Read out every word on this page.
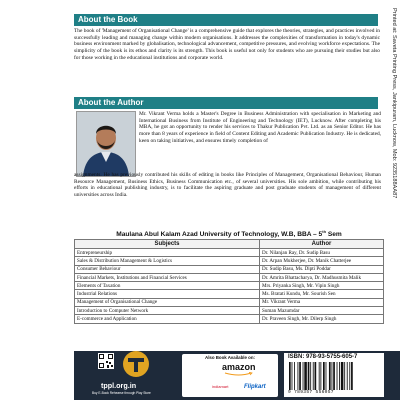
About the Book

The book of 'Management of Organisational Change' is a comprehensive guide that explores the theories, strategies, and practices involved in successfully leading and managing change within modern organisations. It addresses the complexities of transformation in today's dynamic business environment marked by globalisation, technological advancement, competitive pressures, and evolving workforce expectations. The simplicity of the book is its ethos and clarity is its strength. This book is useful not only for students who are pursuing their studies but also for those working in the educational institutions and corporate world.

About the Author

Mr. Vikrant Verma holds a Master's Degree in Business Administration with specialisation in Marketing and International Business from Institute of Engineering and Technology (IET), Lucknow. After completing his MBA, he got an opportunity to render his services to Thakur Publication Pvt. Ltd. as an Senior Editor. He has more than 8 years of experience in field of Content Editing and Academic Publication Industry. He is dedicated, keen on taking initiatives, and ensures timely completion of

assignments. He has previously contributed his skills of editing in books like Principles of Management, Organisational Behaviour, Human Resource Management, Business Ethics, Business Communication etc., of several universities. His sole ambition, while contributing his efforts in educational publishing industry, is to facilitate the aspiring graduate and post graduate students of management of different universities across India.

Maulana Abul Kalam Azad University of Technology, W.B, BBA – 5th Sem
Subjects	Author
Entrepreneurship	Dr. Nilanjan Ray, Dr. Sudip Basu
Sales & Distribution Management & Logistics	Dr. Arpan Mukherjee, Dr. Manik Chatterjee
Consumer Behaviour	Dr. Sudip Basu, Ms. Dipti Poddar
Financial Markets, Institutions and Financial Services	Dr. Amrita Bhattacharya, Dr. Madhusmita Malik
Elements of Taxation	Mrs. Priyanka Singh, Mr. Vipin Singh
Industrial Relations	Ms. Bratati Kundu, Mr. Sourish Sen
Management of Organisational Change	Mr. Vikrant Verma
Introduction to Computer Network	Suman Mazumdar
E-commerce and Application	Dr. Praveen Singh, Mr. Dilerp Singh
tppl.org.in
Buy E-Book Rehearse through Play Store
Also Book Available on:
amazon
indiamart	Flipkart
ISBN: 978-93-5755-605-7
9 789357 556057
Printed at: Saveta Printing Press, Jankipuram, Lucknow, Mob: 9235188AA87
